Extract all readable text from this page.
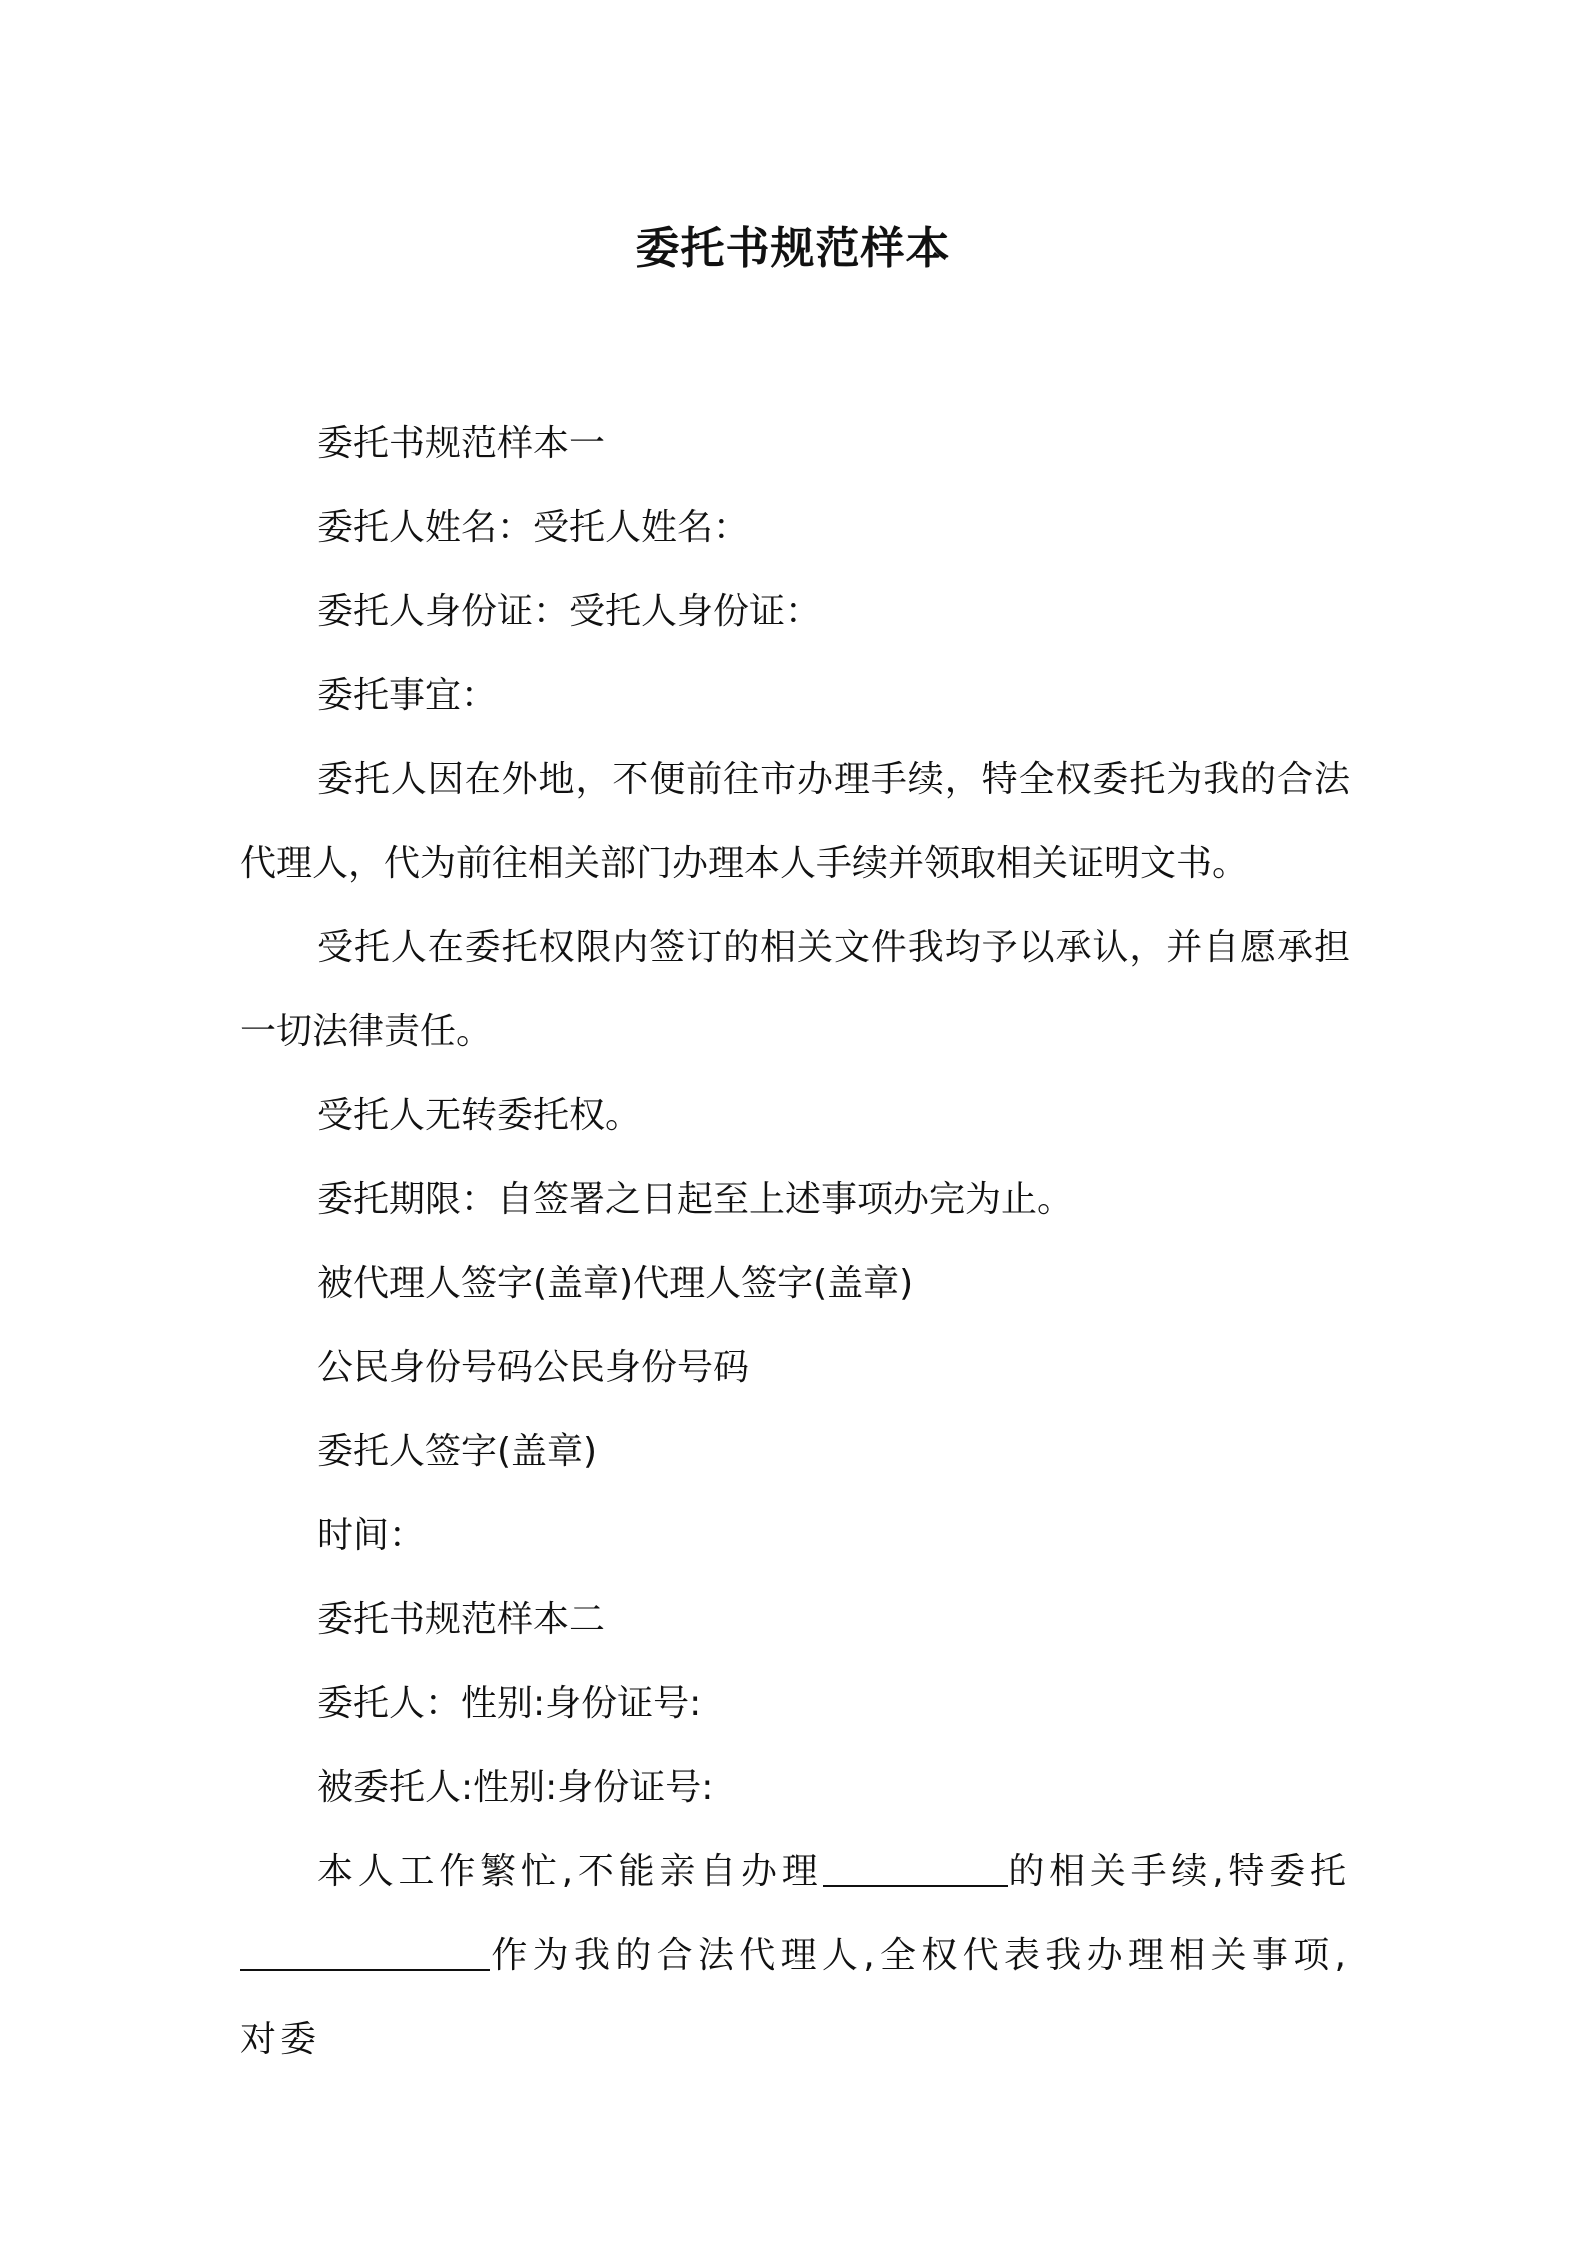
委托书规范样本

委托书规范样本一

委托人姓名：受托人姓名：

委托人身份证：受托人身份证：

委托事宜：

委托人因在外地，不便前往市办理手续，特全权委托为我的合法代理人，代为前往相关部门办理本人手续并领取相关证明文书。

受托人在委托权限内签订的相关文件我均予以承认，并自愿承担一切法律责任。

受托人无转委托权。

委托期限：自签署之日起至上述事项办完为止。

被代理人签字(盖章)代理人签字(盖章)

公民身份号码公民身份号码

委托人签字(盖章)

时间：

委托书规范样本二

委托人：性别:身份证号:

被委托人:性别:身份证号:

本人工作繁忙,不能亲自办理	的相关手续,特委托作为我的合法代理人,全权代表我办理相关事项,对委
